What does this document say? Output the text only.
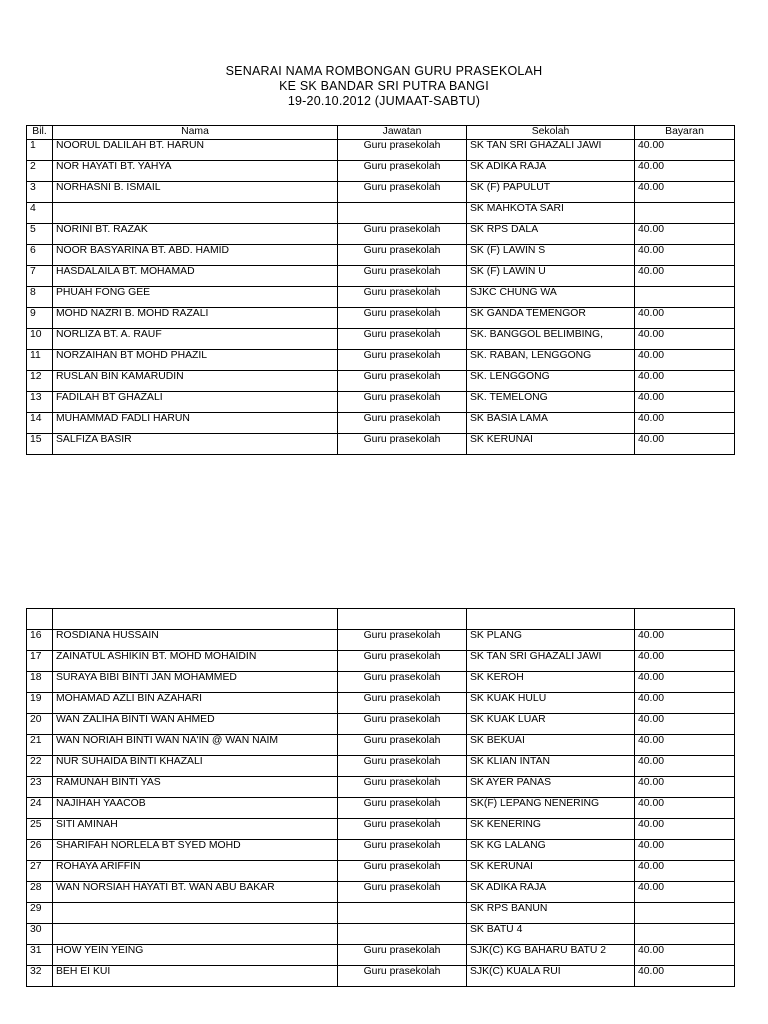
SENARAI NAMA ROMBONGAN GURU PRASEKOLAH
KE SK BANDAR SRI PUTRA BANGI
19-20.10.2012 (JUMAAT-SABTU)
Bil.	Nama	Jawatan	Sekolah	Bayaran
1	NOORUL DALILAH BT. HARUN	Guru prasekolah	SK TAN SRI GHAZALI JAWI	40.00
2	NOR HAYATI BT. YAHYA	Guru prasekolah	SK ADIKA RAJA	40.00
3	NORHASNI B. ISMAIL	Guru prasekolah	SK (F) PAPULUT	40.00
4			SK MAHKOTA SARI	
5	NORINI BT. RAZAK	Guru prasekolah	SK RPS DALA	40.00
6	NOOR BASYARINA BT. ABD. HAMID	Guru prasekolah	SK (F) LAWIN S	40.00
7	HASDALAILA BT. MOHAMAD	Guru prasekolah	SK (F) LAWIN U	40.00
8	PHUAH FONG GEE	Guru prasekolah	SJKC CHUNG WA	
9	MOHD NAZRI B. MOHD RAZALI	Guru prasekolah	SK GANDA TEMENGOR	40.00
10	NORLIZA BT. A. RAUF	Guru prasekolah	SK. BANGGOL BELIMBING,	40.00
11	NORZAIHAN BT MOHD PHAZIL	Guru prasekolah	SK. RABAN, LENGGONG	40.00
12	RUSLAN BIN KAMARUDIN	Guru prasekolah	SK. LENGGONG	40.00
13	FADILAH BT GHAZALI	Guru prasekolah	SK. TEMELONG	40.00
14	MUHAMMAD FADLI HARUN	Guru prasekolah	SK BASIA LAMA	40.00
15	SALFIZA BASIR	Guru prasekolah	SK KERUNAI	40.00

16	ROSDIANA HUSSAIN	Guru prasekolah	SK PLANG	40.00
17	ZAINATUL ASHIKIN BT. MOHD MOHAIDIN	Guru prasekolah	SK TAN SRI GHAZALI JAWI	40.00
18	SURAYA BIBI BINTI JAN MOHAMMED	Guru prasekolah	SK KEROH	40.00
19	MOHAMAD AZLI BIN AZAHARI	Guru prasekolah	SK KUAK HULU	40.00
20	WAN ZALIHA BINTI WAN AHMED	Guru prasekolah	SK KUAK LUAR	40.00
21	WAN NORIAH BINTI WAN NA'IN @ WAN NAIM	Guru prasekolah	SK BEKUAI	40.00
22	NUR SUHAIDA BINTI KHAZALI	Guru prasekolah	SK KLIAN INTAN	40.00
23	RAMUNAH BINTI YAS	Guru prasekolah	SK AYER PANAS	40.00
24	NAJIHAH YAACOB	Guru prasekolah	SK(F) LEPANG NENERING	40.00
25	SITI AMINAH	Guru prasekolah	SK KENERING	40.00
26	SHARIFAH NORLELA BT SYED MOHD	Guru prasekolah	SK KG LALANG	40.00
27	ROHAYA ARIFFIN	Guru prasekolah	SK KERUNAI	40.00
28	WAN NORSIAH HAYATI BT. WAN ABU BAKAR	Guru prasekolah	SK ADIKA RAJA	40.00
29			SK RPS BANUN	
30			SK BATU 4	
31	HOW YEIN YEING	Guru prasekolah	SJK(C) KG BAHARU BATU 2	40.00
32	BEH EI KUI	Guru prasekolah	SJK(C) KUALA RUI	40.00
